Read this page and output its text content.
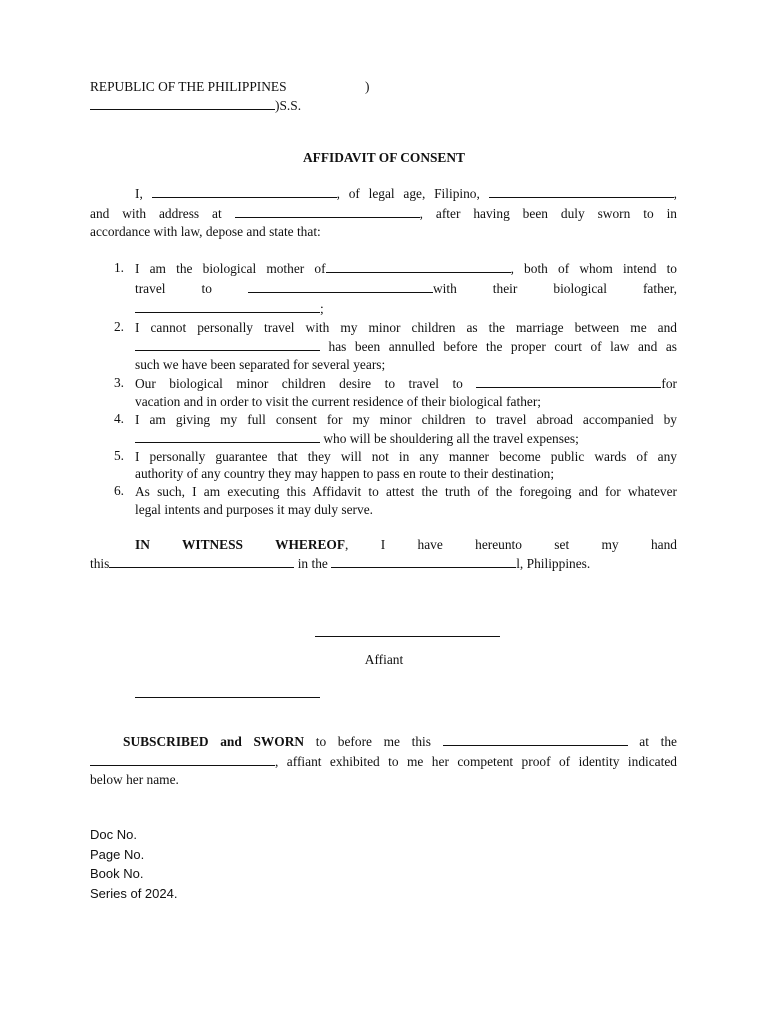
REPUBLIC OF THE PHILIPPINES	)
)S.S.
AFFIDAVIT OF CONSENT
I,	, of legal age, Filipino,	,
and with address at	, after having been duly sworn to in
accordance with law, depose and state that:
1. I am the biological mother of	, both of whom intend to
travel to	with their biological father,
;
2. I cannot personally travel with my minor children as the marriage between me and
has been annulled before the proper court of law and as
such we have been separated for several years;
3. Our biological minor children desire to travel to	for
vacation and in order to visit the current residence of their biological father;
4. I am giving my full consent for my minor children to travel abroad accompanied by
who will be shouldering all the travel expenses;
5. I personally guarantee that they will not in any manner become public wards of any
authority of any country they may happen to pass en route to their destination;
6. As such, I am executing this Affidavit to attest the truth of the foregoing and for whatever
legal intents and purposes it may duly serve.
IN WITNESS WHEREOF, I have hereunto set my hand
this	in the	l, Philippines.
Affiant
SUBSCRIBED and SWORN to before me this	at the
, affiant exhibited to me her competent proof of identity indicated
below her name.
Doc No.
Page No.
Book No.
Series of 2024.
